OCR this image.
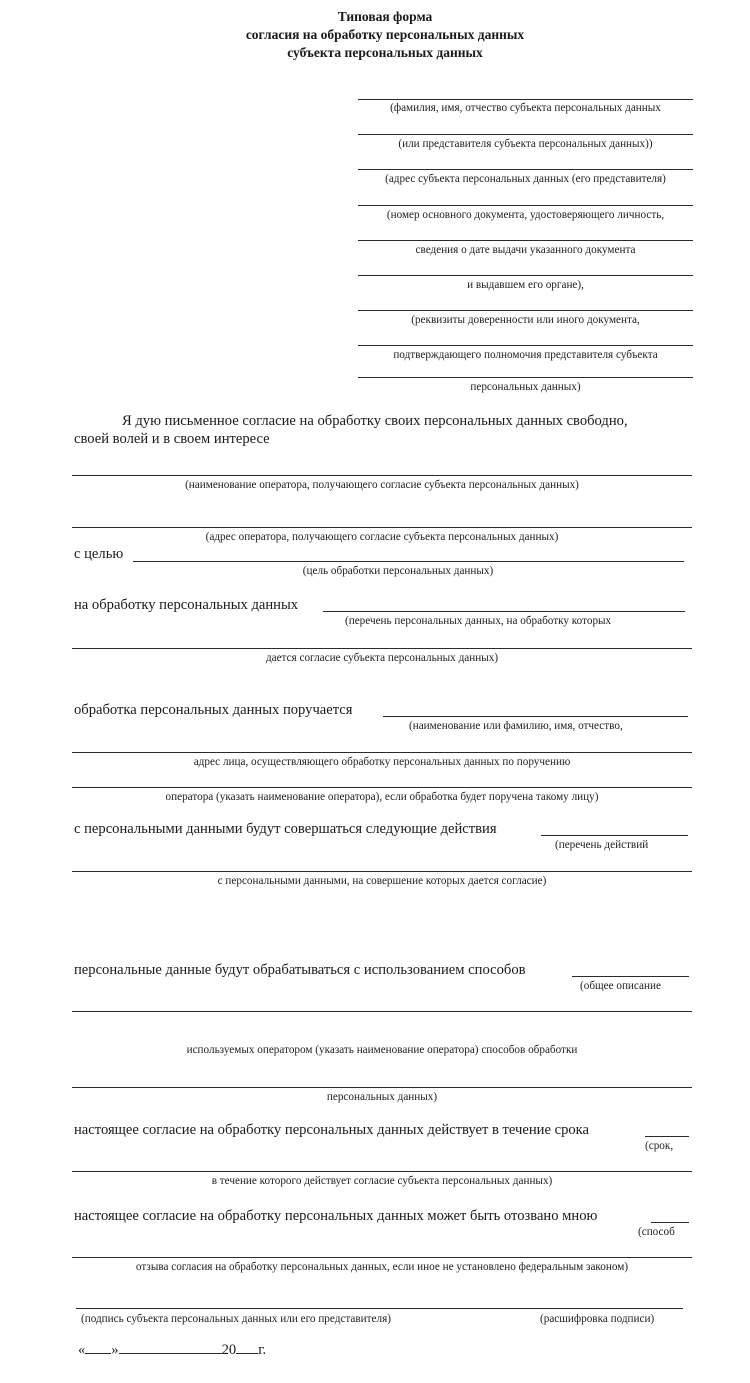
Типовая форма
согласия на обработку персональных данных
субъекта персональных данных
(фамилия, имя, отчество субъекта персональных данных
(или представителя субъекта персональных данных))
(адрес субъекта персональных данных (его представителя)
(номер основного документа, удостоверяющего личность,
сведения о дате выдачи указанного документа
и выдавшем его органе),
(реквизиты доверенности или иного документа,
подтверждающего полномочия представителя субъекта
персональных данных)
Я дую письменное согласие на обработку своих персональных данных свободно,
своей волей и в своем интересе
(наименование оператора, получающего согласие субъекта персональных данных)
(адрес оператора, получающего согласие субъекта персональных данных)
с целью
(цель обработки персональных данных)
на обработку персональных данных
(перечень персональных данных, на обработку которых
дается согласие субъекта персональных данных)
обработка персональных данных поручается
(наименование или фамилию, имя, отчество,
адрес лица, осуществляющего обработку персональных данных по поручению
оператора (указать наименование оператора), если обработка будет поручена такому лицу)
с персональными данными будут совершаться следующие действия
(перечень действий
с персональными данными, на совершение которых дается согласие)
персональные данные будут обрабатываться с использованием способов
(общее описание
используемых оператором (указать наименование оператора) способов обработки
персональных данных)
настоящее согласие на обработку персональных данных действует в течение срока
(срок,
в течение которого действует согласие субъекта персональных данных)
настоящее согласие на обработку персональных данных может быть отозвано мною
(способ
отзыва согласия на обработку персональных данных, если иное не установлено федеральным законом)
(подпись субъекта персональных данных или его представителя)	(расшифровка подписи)
« »	20 г.
